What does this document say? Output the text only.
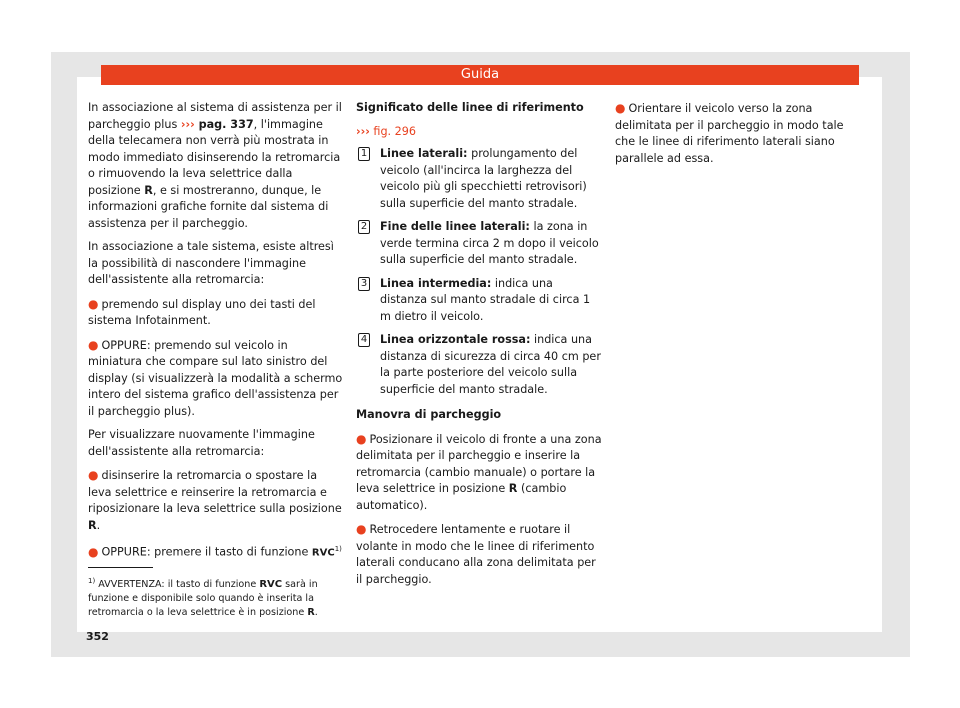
Guida

In associazione al sistema di assistenza per il parcheggio plus ››› pag. 337, l'immagine della telecamera non verrà più mostrata in modo immediato disinserendo la retromarcia o rimuovendo la leva selettrice dalla posizione R, e si mostreranno, dunque, le informazioni grafiche fornite dal sistema di assistenza per il parcheggio.

In associazione a tale sistema, esiste altresì la possibilità di nascondere l'immagine dell'assistente alla retromarcia:

● premendo sul display uno dei tasti del sistema Infotainment.

● OPPURE: premendo sul veicolo in miniatura che compare sul lato sinistro del display (si visualizzerà la modalità a schermo intero del sistema grafico dell'assistenza per il parcheggio plus).

Per visualizzare nuovamente l'immagine dell'assistente alla retromarcia:

● disinserire la retromarcia o spostare la leva selettrice e reinserire la retromarcia e riposizionare la leva selettrice sulla posizione R.

● OPPURE: premere il tasto di funzione RVC$^{1)}$

Significato delle linee di riferimento

››› fig. 296

1 Linee laterali: prolungamento del veicolo (all'incirca la larghezza del veicolo più gli specchietti retrovisori) sulla superficie del manto stradale.
2 Fine delle linee laterali: la zona in verde termina circa 2 m dopo il veicolo sulla superficie del manto stradale.
3 Linea intermedia: indica una distanza sul manto stradale di circa 1 m dietro il veicolo.
4 Linea orizzontale rossa: indica una distanza di sicurezza di circa 40 cm per la parte posteriore del veicolo sulla superficie del manto stradale.

Manovra di parcheggio

● Posizionare il veicolo di fronte a una zona delimitata per il parcheggio e inserire la retromarcia (cambio manuale) o portare la leva selettrice in posizione R (cambio automatico).

● Retrocedere lentamente e ruotare il volante in modo che le linee di riferimento laterali conducano alla zona delimitata per il parcheggio.

● Orientare il veicolo verso la zona delimitata per il parcheggio in modo tale che le linee di riferimento laterali siano parallele ad essa.

$^{1)}$ AVVERTENZA: il tasto di funzione RVC sarà in funzione e disponibile solo quando è inserita la retromarcia o la leva selettrice è in posizione R.
352
